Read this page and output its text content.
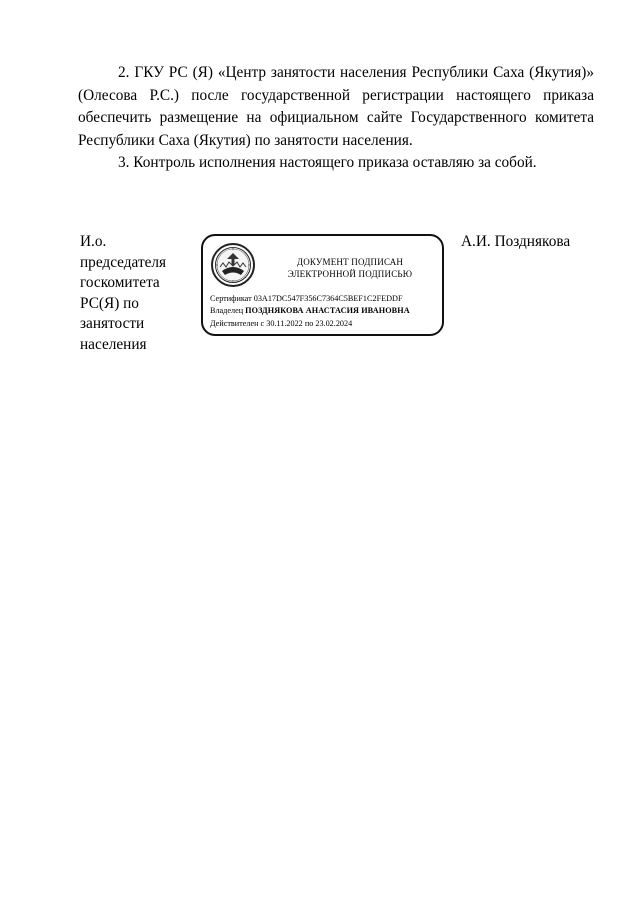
2. ГКУ РС (Я) «Центр занятости населения Республики Саха (Якутия)» (Олесова Р.С.) после государственной регистрации настоящего приказа обеспечить размещение на официальном сайте Государственного комитета Республики Саха (Якутия) по занятости населения.

3. Контроль исполнения настоящего приказа оставляю за собой.

И.о.
председателя
госкомитета
РС(Я) по
занятости
населения
ДОКУМЕНТ ПОДПИСАН
ЭЛЕКТРОННОЙ ПОДПИСЬЮ
Сертификат 03A17DC547F356C7364C5BEF1C2FEDDF
Владелец ПОЗДНЯКОВА АНАСТАСИЯ ИВАНОВНА
Действителен с 30.11.2022 по 23.02.2024
А.И. Позднякова
